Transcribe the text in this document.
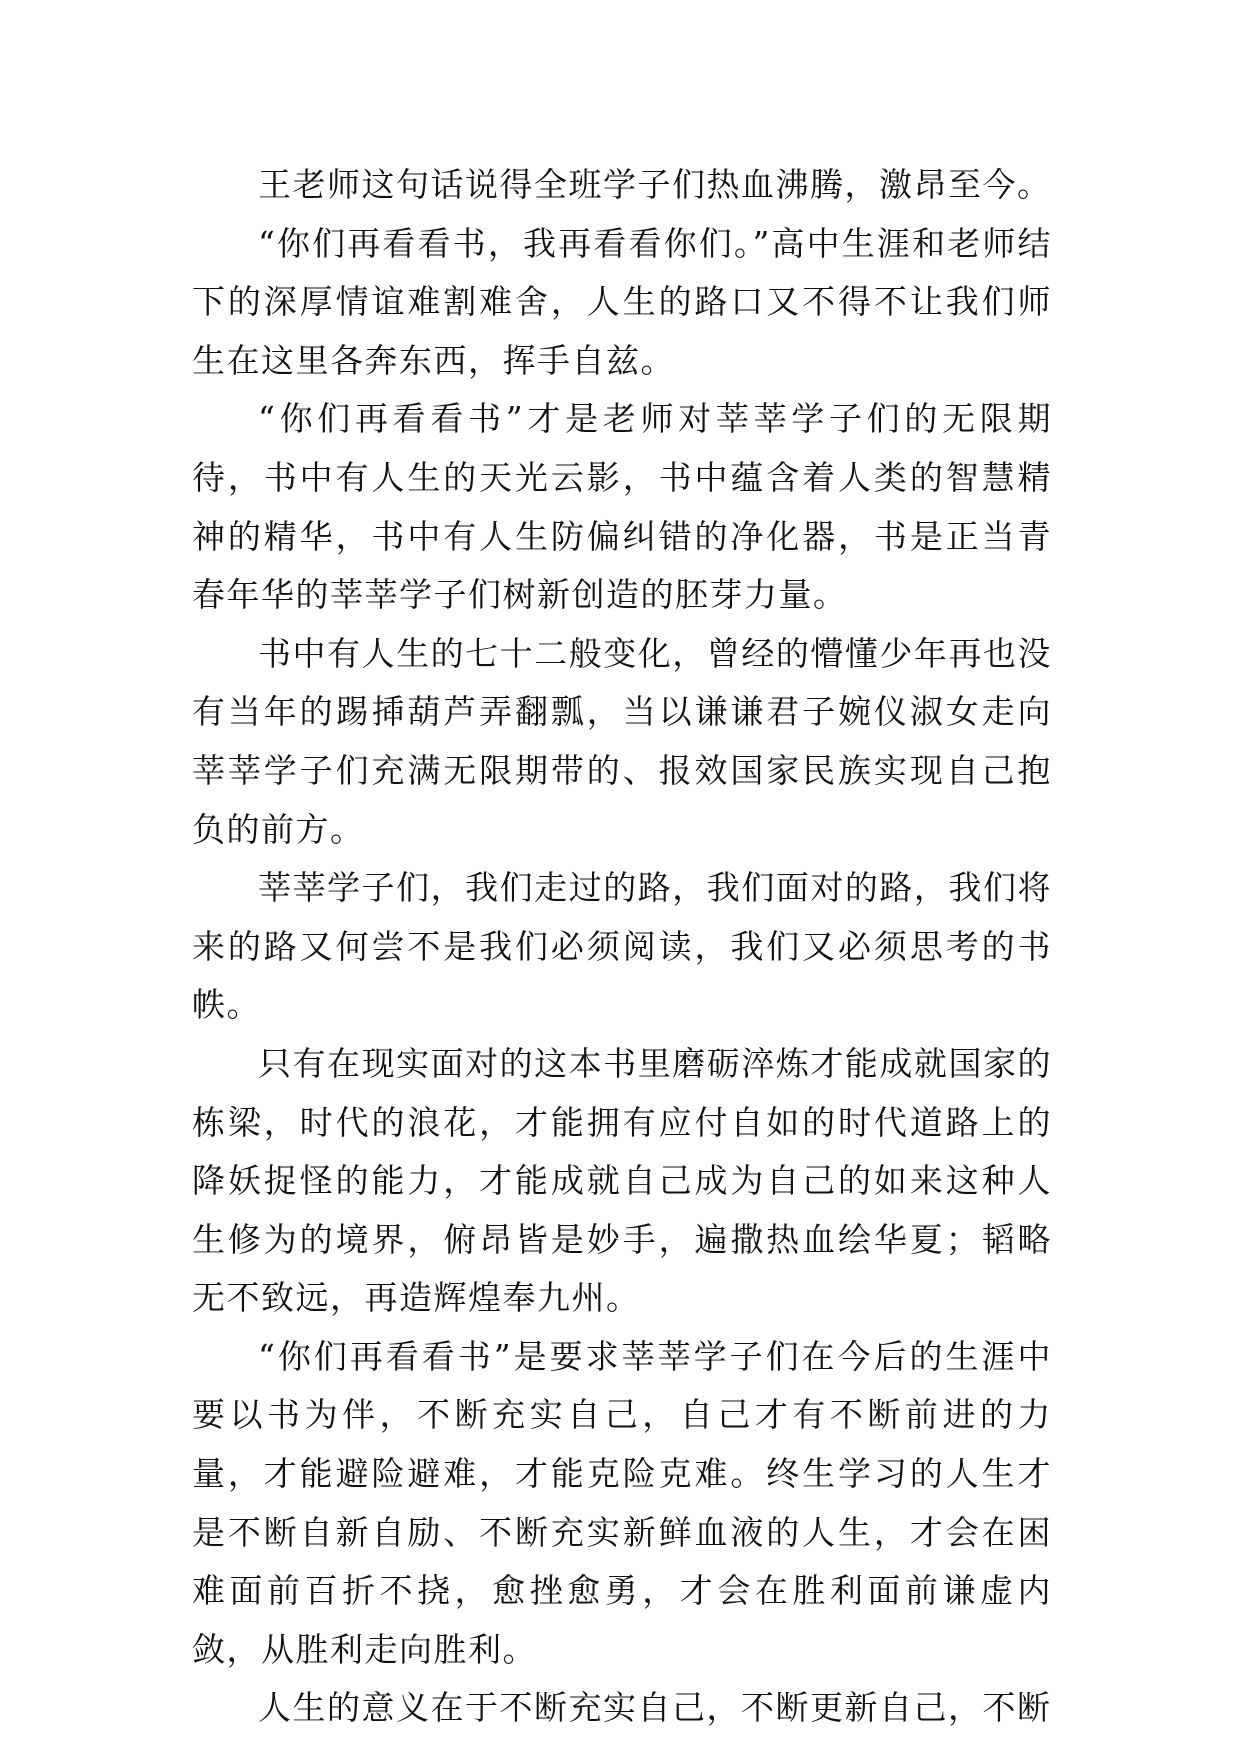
王老师这句话说得全班学子们热血沸腾，激昂至今。

“你们再看看书，我再看看你们。”高中生涯和老师结下的深厚情谊难割难舍，人生的路口又不得不让我们师生在这里各奔东西，挥手自兹。

“你们再看看书”才是老师对莘莘学子们的无限期待，书中有人生的天光云影，书中蕴含着人类的智慧精神的精华，书中有人生防偏纠错的净化器，书是正当青春年华的莘莘学子们树新创造的胚芽力量。

书中有人生的七十二般变化，曾经的懵懂少年再也没有当年的踢揷葫芦弄翻瓢，当以谦谦君子婉仪淑女走向莘莘学子们充满无限期带的、报效国家民族实现自己抱负的前方。

莘莘学子们，我们走过的路，我们面对的路，我们将来的路又何尝不是我们必须阅读，我们又必须思考的书帙。

只有在现实面对的这本书里磨砺淬炼才能成就国家的栋梁，时代的浪花，才能拥有应付自如的时代道路上的降妖捉怪的能力，才能成就自己成为自己的如来这种人生修为的境界，俯昂皆是妙手，遍撒热血绘华夏；韬略无不致远，再造辉煌奉九州。

“你们再看看书”是要求莘莘学子们在今后的生涯中要以书为伴，不断充实自己，自己才有不断前进的力量，才能避险避难，才能克险克难。终生学习的人生才是不断自新自励、不断充实新鲜血液的人生，才会在困难面前百折不挠，愈挫愈勇，才会在胜利面前谦虚内敛，从胜利走向胜利。

人生的意义在于不断充实自己，不断更新自己，不断
